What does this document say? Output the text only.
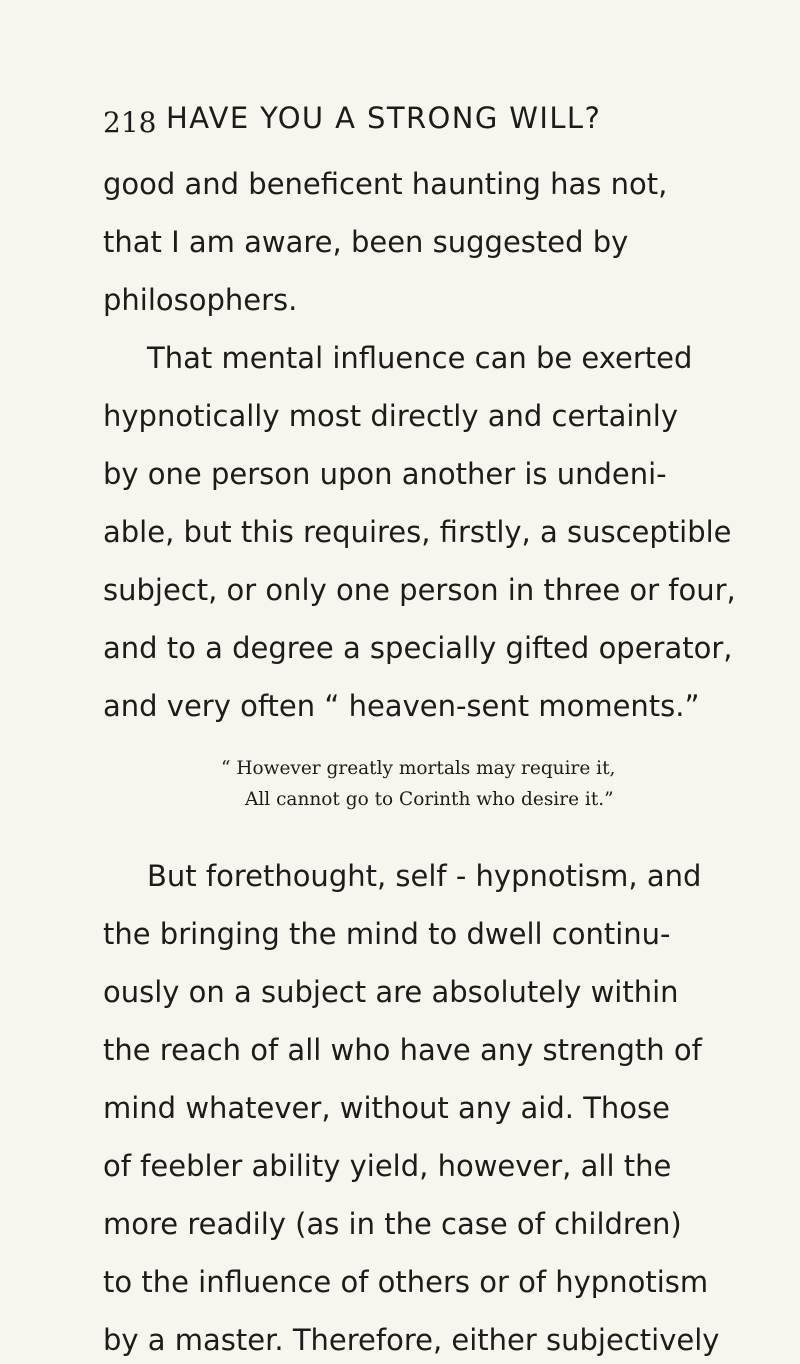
218 HAVE YOU A STRONG WILL?
good and beneficent haunting has not,
that I am aware, been suggested by
philosophers.
That mental influence can be exerted
hypnotically most directly and certainly
by one person upon another is undeni-
able, but this requires, firstly, a susceptible
subject, or only one person in three or four,
and to a degree a specially gifted operator,
and very often “ heaven-sent moments.”
“ However greatly mortals may require it,
All cannot go to Corinth who desire it.”
But forethought, self - hypnotism, and
the bringing the mind to dwell continu-
ously on a subject are absolutely within
the reach of all who have any strength of
mind whatever, without any aid. Those
of feebler ability yield, however, all the
more readily (as in the case of children)
to the influence of others or of hypnotism
by a master. Therefore, either subjectively
